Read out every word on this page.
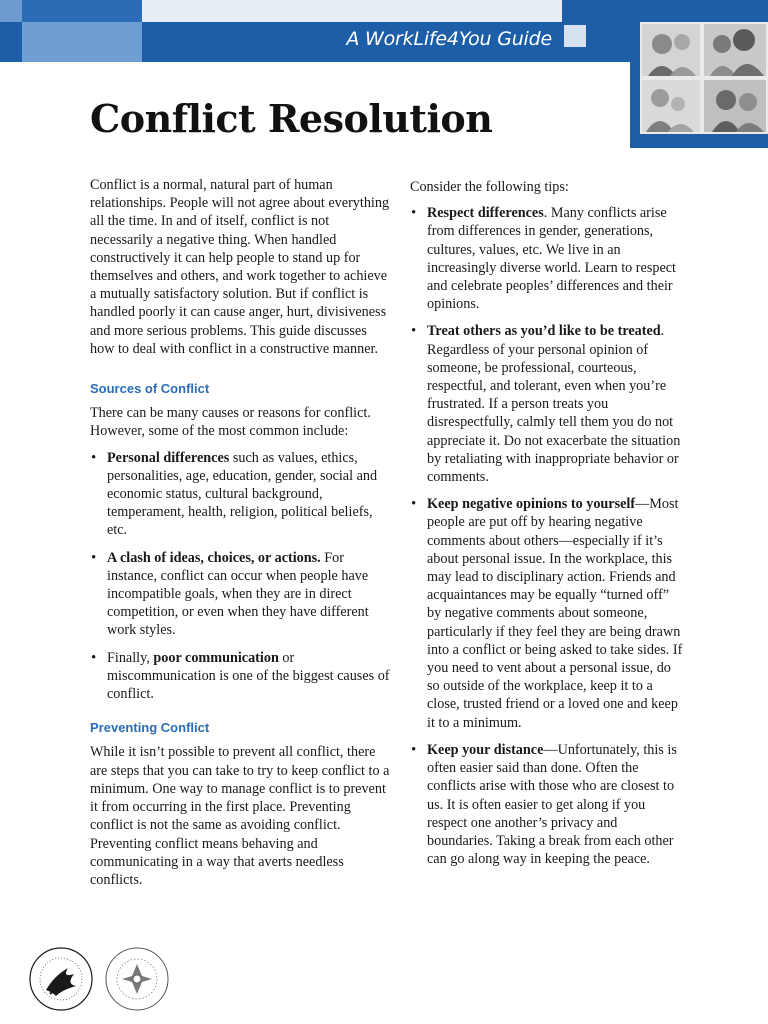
A WorkLife4You Guide
Conflict Resolution

Conflict is a normal, natural part of human relationships. People will not agree about everything all the time. In and of itself, conflict is not necessarily a negative thing. When handled constructively it can help people to stand up for themselves and others, and work together to achieve a mutually satisfactory solution. But if conflict is handled poorly it can cause anger, hurt, divisiveness and more serious problems. This guide discusses how to deal with conflict in a constructive manner.

Sources of Conflict

There can be many causes or reasons for conflict. However, some of the most common include:

• Personal differences such as values, ethics, personalities, age, education, gender, social and economic status, cultural background, temperament, health, religion, political beliefs, etc.
• A clash of ideas, choices, or actions. For instance, conflict can occur when people have incompatible goals, when they are in direct competition, or even when they have different work styles.
• Finally, poor communication or miscommunication is one of the biggest causes of conflict.
Preventing Conflict

While it isn’t possible to prevent all conflict, there are steps that you can take to try to keep conflict to a minimum. One way to manage conflict is to prevent it from occurring in the first place. Preventing conflict is not the same as avoiding conflict. Preventing conflict means behaving and communicating in a way that averts needless conflicts.

Consider the following tips:

• Respect differences. Many conflicts arise from differences in gender, generations, cultures, values, etc. We live in an increasingly diverse world. Learn to respect and celebrate peoples’ differences and their opinions.
• Treat others as you’d like to be treated. Regardless of your personal opinion of someone, be professional, courteous, respectful, and tolerant, even when you’re frustrated. If a person treats you disrespectfully, calmly tell them you do not appreciate it. Do not exacerbate the situation by retaliating with inappropriate behavior or comments.
• Keep negative opinions to yourself—Most people are put off by hearing negative comments about others—especially if it’s about personal issue. In the workplace, this may lead to disciplinary action. Friends and acquaintances may be equally “turned off” by negative comments about someone, particularly if they feel they are being drawn into a conflict or being asked to take sides. If you need to vent about a personal issue, do so outside of the workplace, keep it to a close, trusted friend or a loved one and keep it to a minimum.
• Keep your distance—Unfortunately, this is often easier said than done. Often the conflicts arise with those who are closest to us. It is often easier to get along if you respect one another’s privacy and boundaries. Taking a break from each other can go along way in keeping the peace.
